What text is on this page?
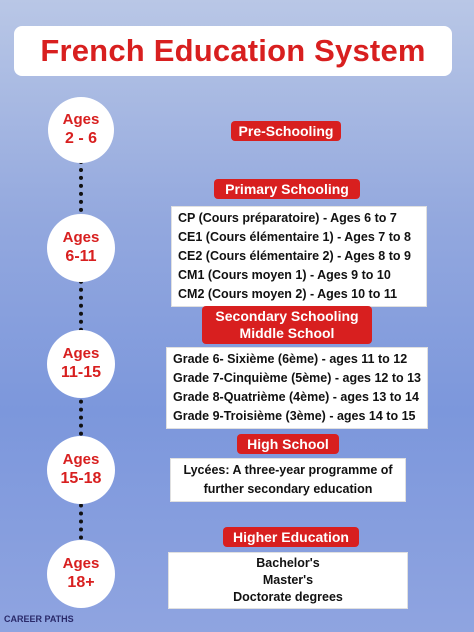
French Education System
Ages
2 - 6	Pre-Schooling
Ages
6-11
Primary Schooling
CP (Cours préparatoire) - Ages 6 to 7
CE1 (Cours élémentaire 1) - Ages 7 to 8
CE2 (Cours élémentaire 2) - Ages 8 to 9
CM1 (Cours moyen 1) - Ages 9 to 10
CM2 (Cours moyen 2) - Ages 10 to 11
Ages
11-15
Secondary Schooling
Middle School
Grade 6- Sixième (6ème) - ages 11 to 12
Grade 7-Cinquième (5ème) - ages 12 to 13
Grade 8-Quatrième (4ème) - ages 13 to 14
Grade 9-Troisième (3ème) - ages 14 to 15
Ages
15-18
High School
Lycées: A three-year programme of
further secondary education
Ages
18+
Higher Education
Bachelor's
Master's
Doctorate degrees
CAREER PATHS
